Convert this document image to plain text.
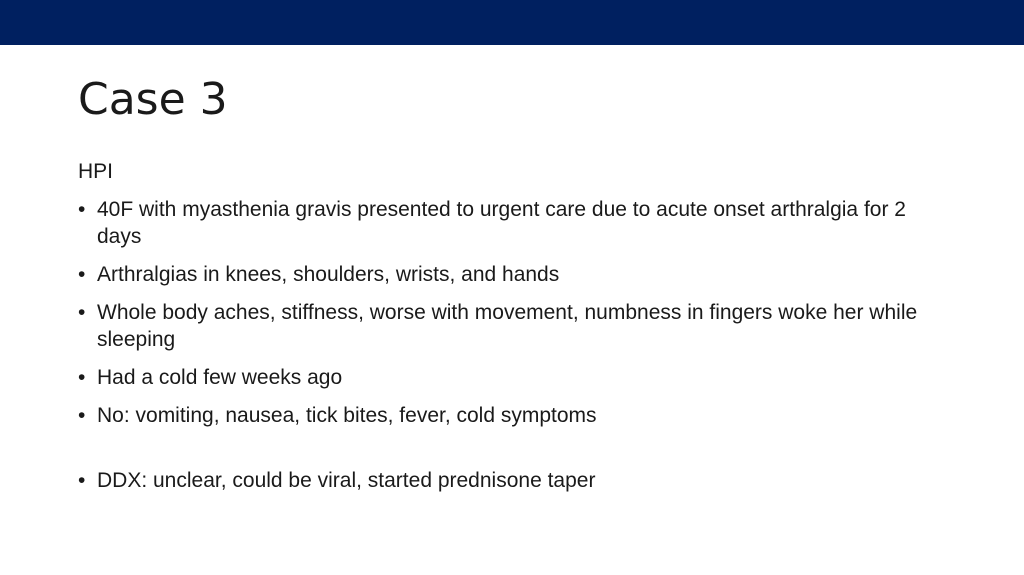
Case 3

HPI

• 40F with myasthenia gravis presented to urgent care due to acute onset arthralgia for 2 days
• Arthralgias in knees, shoulders, wrists, and hands
• Whole body aches, stiffness, worse with movement, numbness in fingers woke her while sleeping
• Had a cold few weeks ago
• No: vomiting, nausea, tick bites, fever, cold symptoms
• DDX: unclear, could be viral, started prednisone taper
